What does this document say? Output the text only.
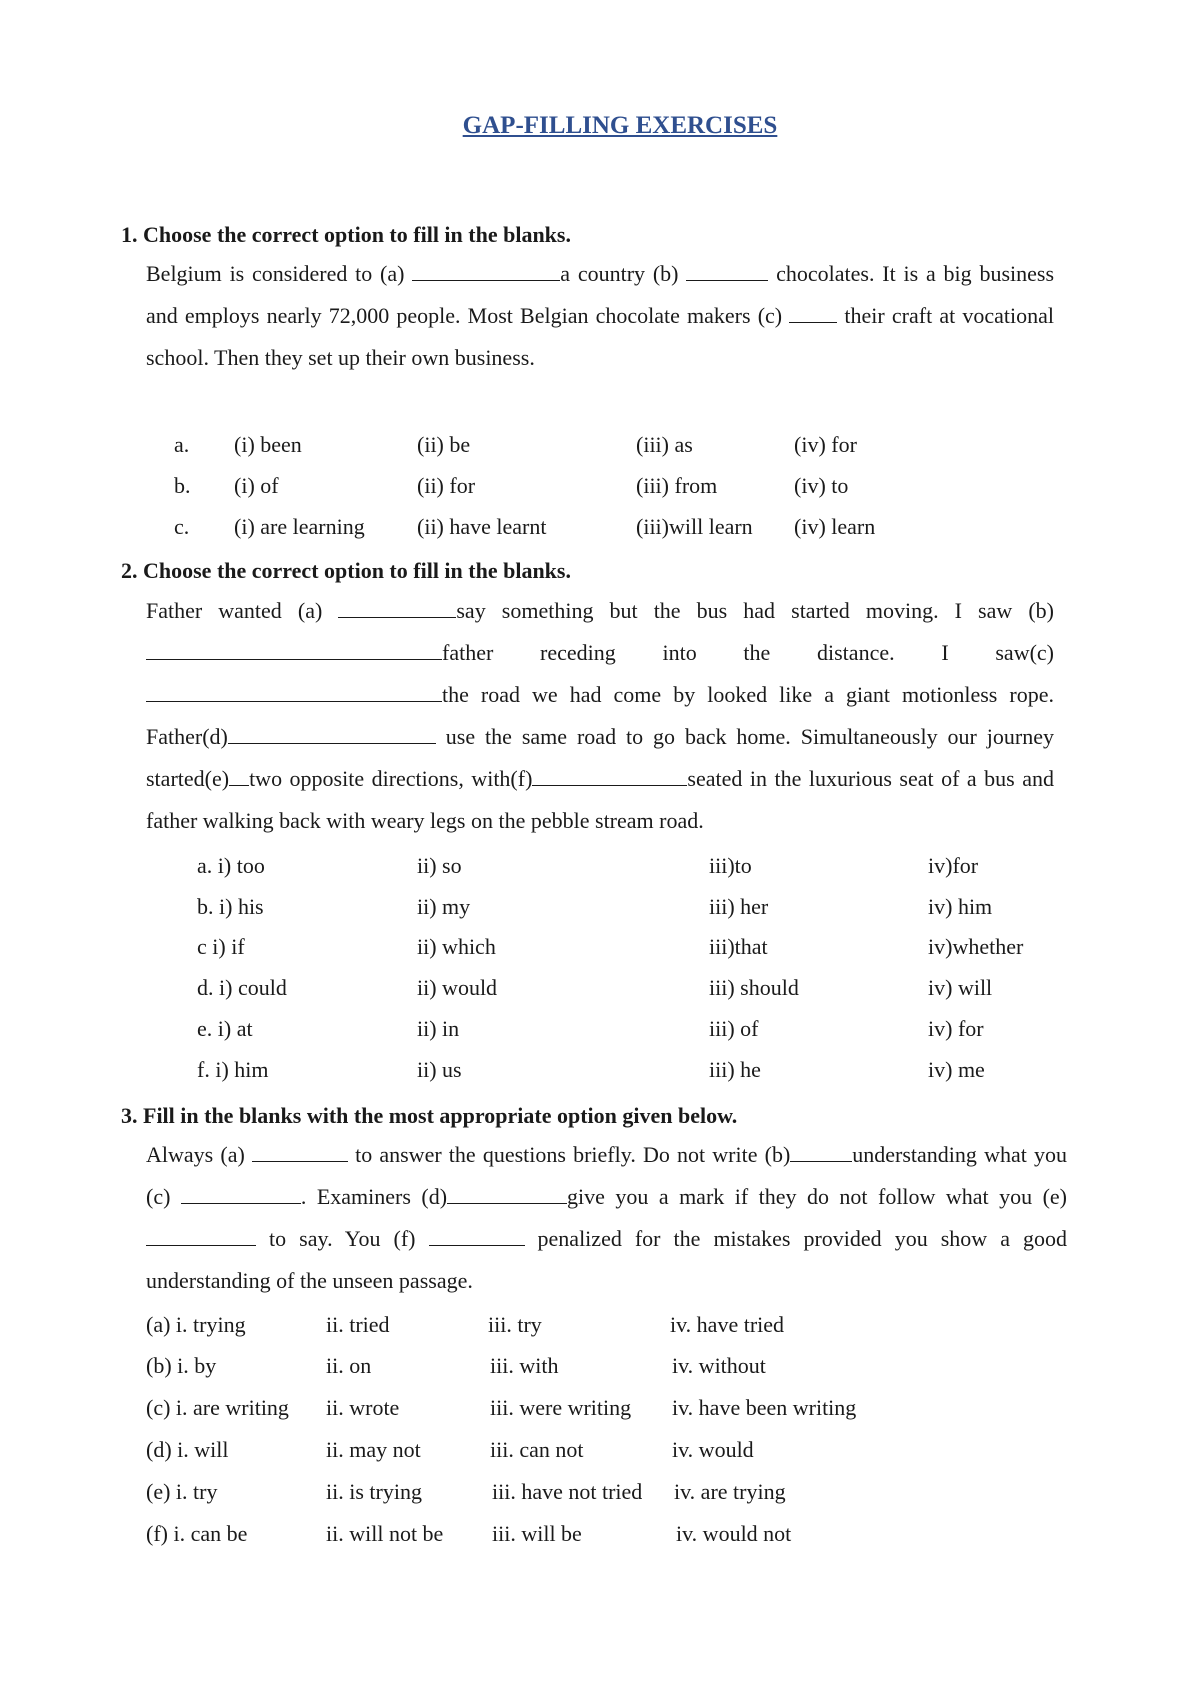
GAP-FILLING EXERCISES
1. Choose the correct option to fill in the blanks.
Belgium is considered to (a)	a country (b)	chocolates. It is a big business and employs nearly 72,000 people. Most Belgian chocolate makers (c)  their craft at vocational school. Then they set up their own business.
a. (i) been	(ii) be	(iii) as	(iv) for
b. (i) of	(ii) for	(iii) from	(iv) to
c. (i) are learning (ii) have learnt	(iii)will learn (iv) learn
2. Choose the correct option to fill in the blanks.
Father wanted (a)	say something but the bus had started moving. I saw (b) father receding into the distance. I saw(c) the road we had come by looked like a giant motionless rope. Father(d)	use the same road to go back home. Simultaneously our journey started(e) two opposite directions, with(f)	seated in the luxurious seat of a bus and father walking back with weary legs on the pebble stream road.
a. i) too	ii) so	iii)to	iv)for
b. i) his	ii) my	iii) her	iv) him
c i) if	ii) which	iii)that	iv)whether
d. i) could	ii) would	iii) should	iv) will
e. i) at	ii) in	iii) of	iv) for
f. i) him	ii) us	iii) he	iv) me
3. Fill in the blanks with the most appropriate option given below.
Always (a)	to answer the questions briefly. Do not write (b)	understanding what you (c)	. Examiners (d)	give you a mark if they do not follow what you (e)  to say. You (f)	penalized for the mistakes provided you show a good understanding of the unseen passage.
(a) i. trying	ii. tried	iii. try	iv. have tried
(b) i. by	ii. on	iii. with	iv. without
(c) i. are writing ii. wrote	iii. were writing iv. have been writing
(d) i. will	ii. may not	iii. can not	iv. would
(e) i. try	ii. is trying	iii. have not tried iv. are trying
(f) i. can be	ii. will not be iii. will be	iv. would not
